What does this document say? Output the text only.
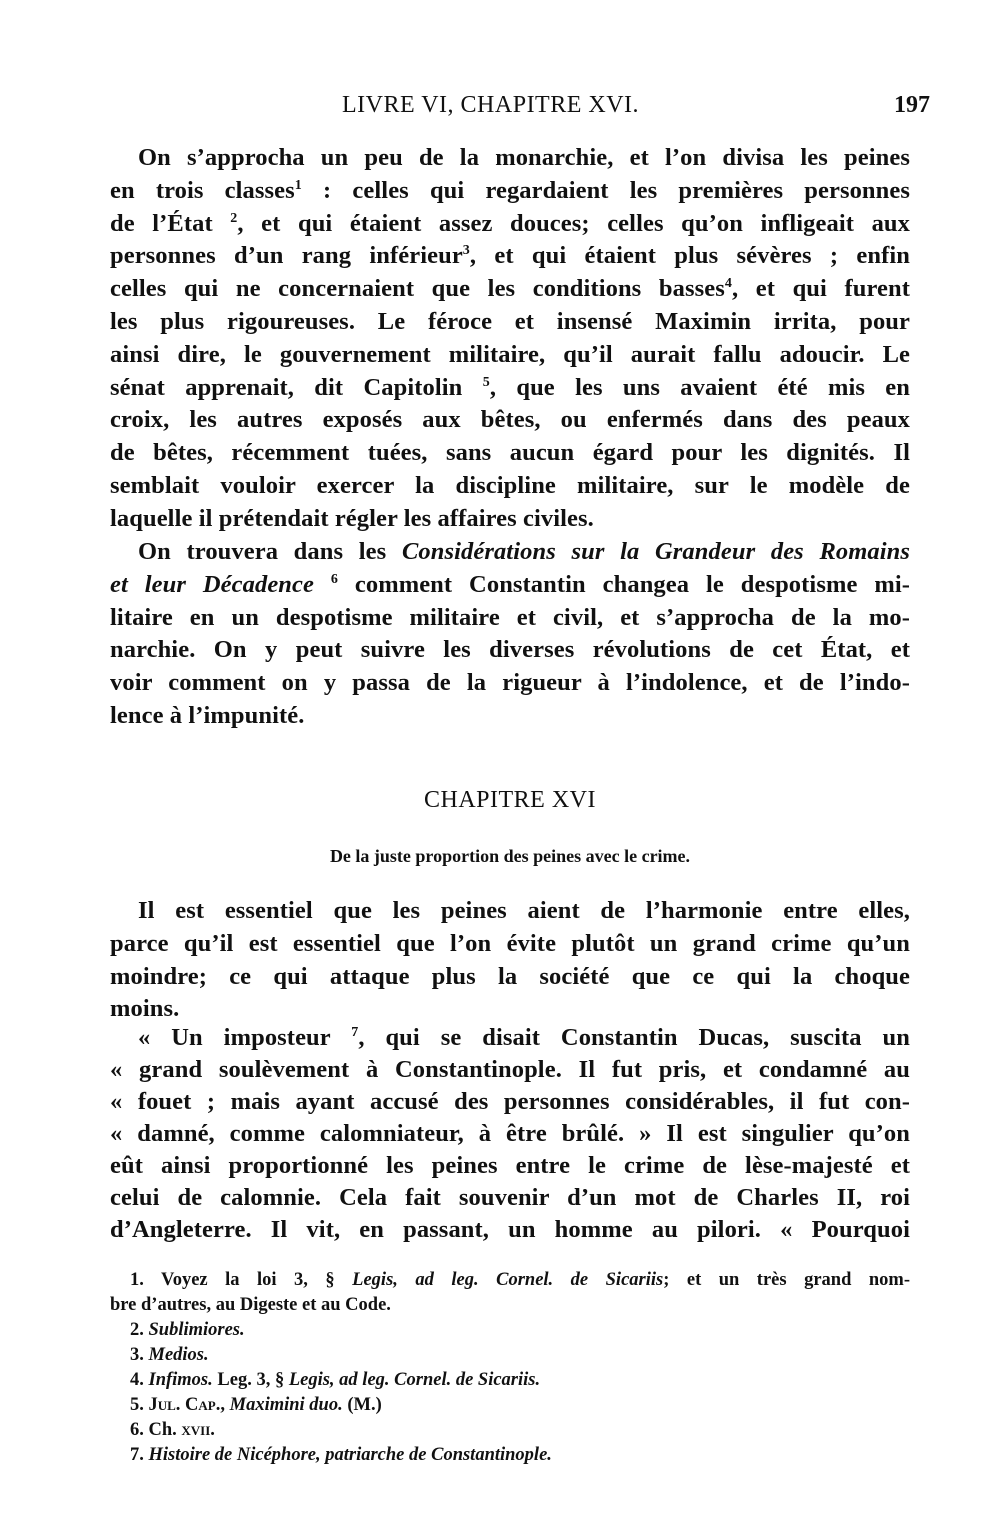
LIVRE VI, CHAPITRE XVI.	197
On s’approcha un peu de la monarchie, et l’on divisa les peines
en trois classes$^1$ : celles qui regardaient les premières personnes
de l’État $^2$, et qui étaient assez douces; celles qu’on infligeait aux
personnes d’un rang inférieur$^3$, et qui étaient plus sévères ; enfin
celles qui ne concernaient que les conditions basses$^4$, et qui furent
les plus rigoureuses. Le féroce et insensé Maximin irrita, pour
ainsi dire, le gouvernement militaire, qu’il aurait fallu adoucir. Le
sénat apprenait, dit Capitolin $^5$, que les uns avaient été mis en
croix, les autres exposés aux bêtes, ou enfermés dans des peaux
de bêtes, récemment tuées, sans aucun égard pour les dignités. Il
semblait vouloir exercer la discipline militaire, sur le modèle de
laquelle il prétendait régler les affaires civiles.
On trouvera dans les Considérations sur la Grandeur des Romains
et leur Décadence $^6$ comment Constantin changea le despotisme mi-
litaire en un despotisme militaire et civil, et s’approcha de la mo-
narchie. On y peut suivre les diverses révolutions de cet État, et
voir comment on y passa de la rigueur à l’indolence, et de l’indo-
lence à l’impunité.
CHAPITRE XVI
De la juste proportion des peines avec le crime.
Il est essentiel que les peines aient de l’harmonie entre elles,
parce qu’il est essentiel que l’on évite plutôt un grand crime qu’un
moindre; ce qui attaque plus la société que ce qui la choque
moins.
« Un imposteur $^7$, qui se disait Constantin Ducas, suscita un
« grand soulèvement à Constantinople. Il fut pris, et condamné au
« fouet ; mais ayant accusé des personnes considérables, il fut con-
« damné, comme calomniateur, à être brûlé. » Il est singulier qu’on
eût ainsi proportionné les peines entre le crime de lèse-majesté et
celui de calomnie. Cela fait souvenir d’un mot de Charles II, roi
d’Angleterre. Il vit, en passant, un homme au pilori. « Pourquoi
1. Voyez la loi 3, § Legis, ad leg. Cornel. de Sicariis; et un très grand nom-
bre d’autres, au Digeste et au Code.
2. Sublimiores.
3. Medios.
4. Infimos. Leg. 3, § Legis, ad leg. Cornel. de Sicariis.
5. Jul. Cap., Maximini duo. (M.)
6. Ch. xvii.
7. Histoire de Nicéphore, patriarche de Constantinople.
